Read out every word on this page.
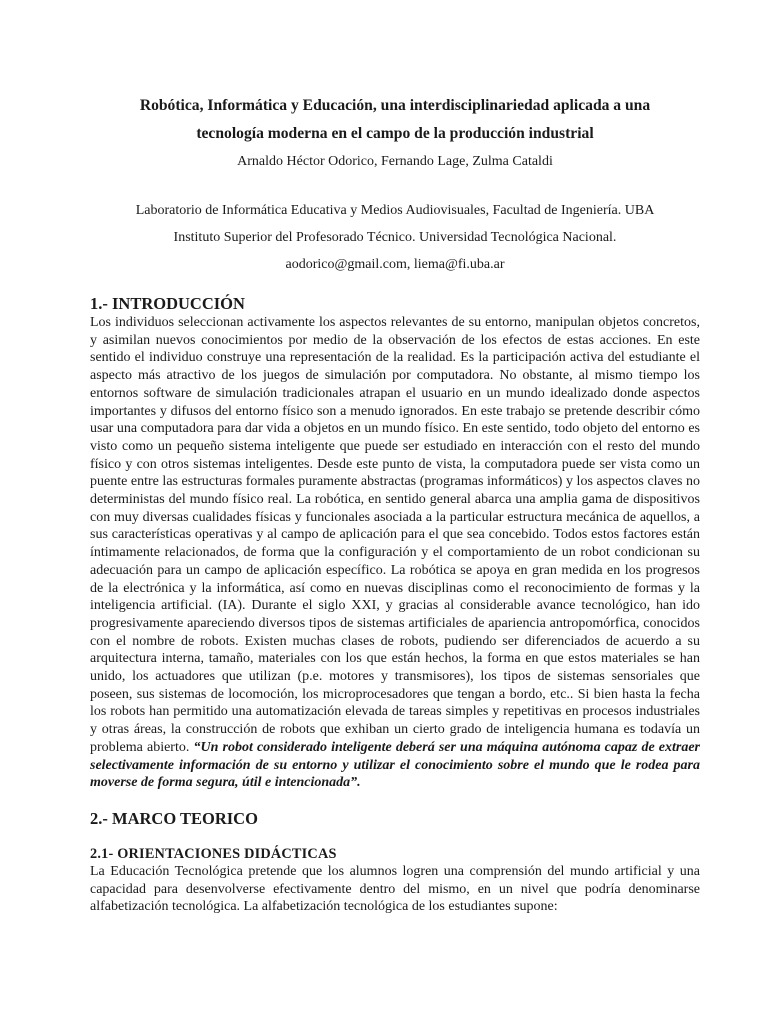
Robótica, Informática y Educación, una interdisciplinariedad aplicada a una
tecnología moderna en el campo de la producción industrial
Arnaldo Héctor Odorico, Fernando Lage, Zulma Cataldi
Laboratorio de Informática Educativa y Medios Audiovisuales, Facultad de Ingeniería. UBA
Instituto Superior del Profesorado Técnico. Universidad Tecnológica Nacional.
aodorico@gmail.com, liema@fi.uba.ar
1.- INTRODUCCIÓN

Los individuos seleccionan activamente los aspectos relevantes de su entorno, manipulan objetos concretos, y asimilan nuevos conocimientos por medio de la observación de los efectos de estas acciones. En este sentido el individuo construye una representación de la realidad. Es la participación activa del estudiante el aspecto más atractivo de los juegos de simulación por computadora. No obstante, al mismo tiempo los entornos software de simulación tradicionales atrapan el usuario en un mundo idealizado donde aspectos importantes y difusos del entorno físico son a menudo ignorados. En este trabajo se pretende describir cómo usar una computadora para dar vida a objetos en un mundo físico. En este sentido, todo objeto del entorno es visto como un pequeño sistema inteligente que puede ser estudiado en interacción con el resto del mundo físico y con otros sistemas inteligentes. Desde este punto de vista, la computadora puede ser vista como un puente entre las estructuras formales puramente abstractas (programas informáticos) y los aspectos claves no deterministas del mundo físico real. La robótica, en sentido general abarca una amplia gama de dispositivos con muy diversas cualidades físicas y funcionales asociada a la particular estructura mecánica de aquellos, a sus características operativas y al campo de aplicación para el que sea concebido. Todos estos factores están íntimamente relacionados, de forma que la configuración y el comportamiento de un robot condicionan su adecuación para un campo de aplicación específico. La robótica se apoya en gran medida en los progresos de la electrónica y la informática, así como en nuevas disciplinas como el reconocimiento de formas y la inteligencia artificial. (IA). Durante el siglo XXI, y gracias al considerable avance tecnológico, han ido progresivamente apareciendo diversos tipos de sistemas artificiales de apariencia antropomórfica, conocidos con el nombre de robots. Existen muchas clases de robots, pudiendo ser diferenciados de acuerdo a su arquitectura interna, tamaño, materiales con los que están hechos, la forma en que estos materiales se han unido, los actuadores que utilizan (p.e. motores y transmisores), los tipos de sistemas sensoriales que poseen, sus sistemas de locomoción, los microprocesadores que tengan a bordo, etc.. Si bien hasta la fecha los robots han permitido una automatización elevada de tareas simples y repetitivas en procesos industriales y otras áreas, la construcción de robots que exhiban un cierto grado de inteligencia humana es todavía un problema abierto. “Un robot considerado inteligente deberá ser una máquina autónoma capaz de extraer selectivamente información de su entorno y utilizar el conocimiento sobre el mundo que le rodea para moverse de forma segura, útil e intencionada”.

2.- MARCO TEORICO
2.1- ORIENTACIONES DIDÁCTICAS

La Educación Tecnológica pretende que los alumnos logren una comprensión del mundo artificial y una capacidad para desenvolverse efectivamente dentro del mismo, en un nivel que podría denominarse alfabetización tecnológica. La alfabetización tecnológica de los estudiantes supone:
